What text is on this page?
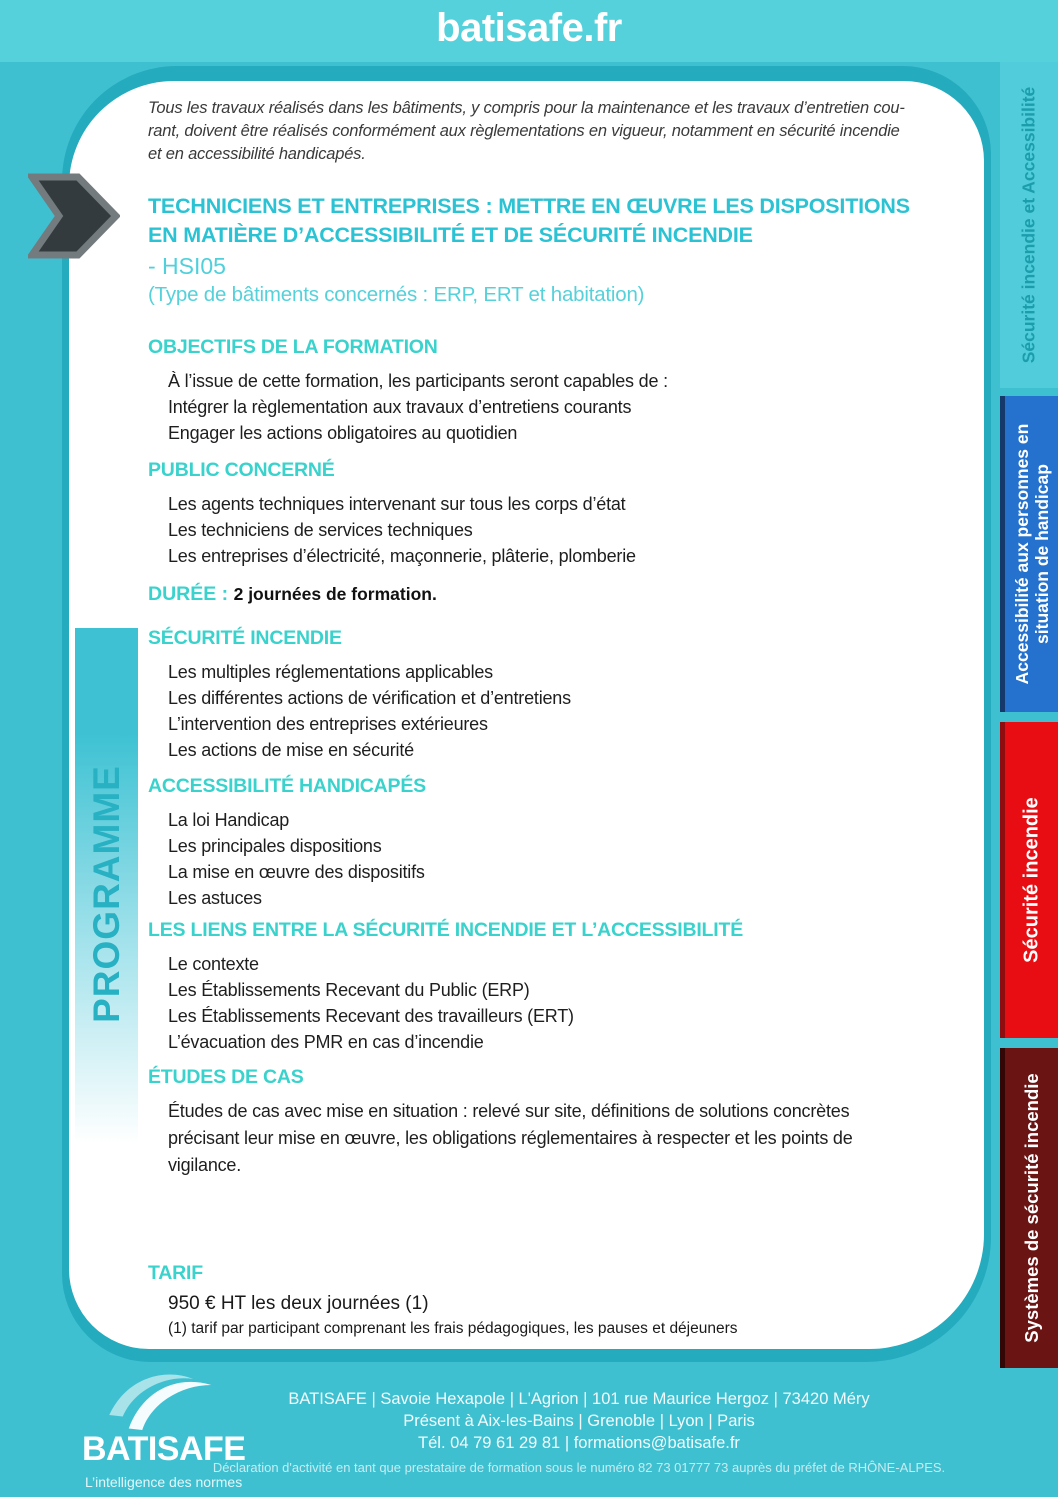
batisafe.fr
PROGRAMME
Tous les travaux réalisés dans les bâtiments, y compris pour la maintenance et les travaux d’entretien cou-
rant, doivent être réalisés conformément aux règlementations en vigueur, notamment en sécurité incendie
et en accessibilité handicapés.
TECHNICIENS ET ENTREPRISES : METTRE EN ŒUVRE LES DISPOSITIONS
EN MATIÈRE D’ACCESSIBILITÉ ET DE SÉCURITÉ INCENDIE
- HSI05
(Type de bâtiments concernés : ERP, ERT et habitation)
OBJECTIFS DE LA FORMATION
À l’issue de cette formation, les participants seront capables de :
Intégrer la règlementation aux travaux d’entretiens courants
Engager les actions obligatoires au quotidien
PUBLIC CONCERNÉ
Les agents techniques intervenant sur tous les corps d’état
Les techniciens de services techniques
Les entreprises d’électricité, maçonnerie, plâterie, plomberie
DURÉE : 2 journées de formation.
SÉCURITÉ INCENDIE
Les multiples réglementations applicables
Les différentes actions de vérification et d’entretiens
L’intervention des entreprises extérieures
Les actions de mise en sécurité
ACCESSIBILITÉ HANDICAPÉS
La loi Handicap
Les principales dispositions
La mise en œuvre des dispositifs
Les astuces
LES LIENS ENTRE LA SÉCURITÉ INCENDIE ET L’ACCESSIBILITÉ
Le contexte
Les Établissements Recevant du Public (ERP)
Les Établissements Recevant des travailleurs (ERT)
L’évacuation des PMR en cas d’incendie
ÉTUDES DE CAS
Études de cas avec mise en situation : relevé sur site, définitions de solutions concrètes
précisant leur mise en œuvre, les obligations réglementaires à respecter et les points de
vigilance.
TARIF
950 € HT les deux journées (1)
(1) tarif par participant comprenant les frais pédagogiques, les pauses et déjeuners
Sécurité incendie et Accessibilité
Accessibilité aux personnes en situation de handicap
Sécurité incendie
Systèmes de sécurité incendie
BATISAFE
L’intelligence des normes
BATISAFE | Savoie Hexapole | L'Agrion | 101 rue Maurice Hergoz | 73420 Méry
Présent à Aix-les-Bains | Grenoble | Lyon | Paris
Tél. 04 79 61 29 81 | formations@batisafe.fr
Déclaration d'activité en tant que prestataire de formation sous le numéro 82 73 01777 73 auprès du préfet de RHÔNE-ALPES.
